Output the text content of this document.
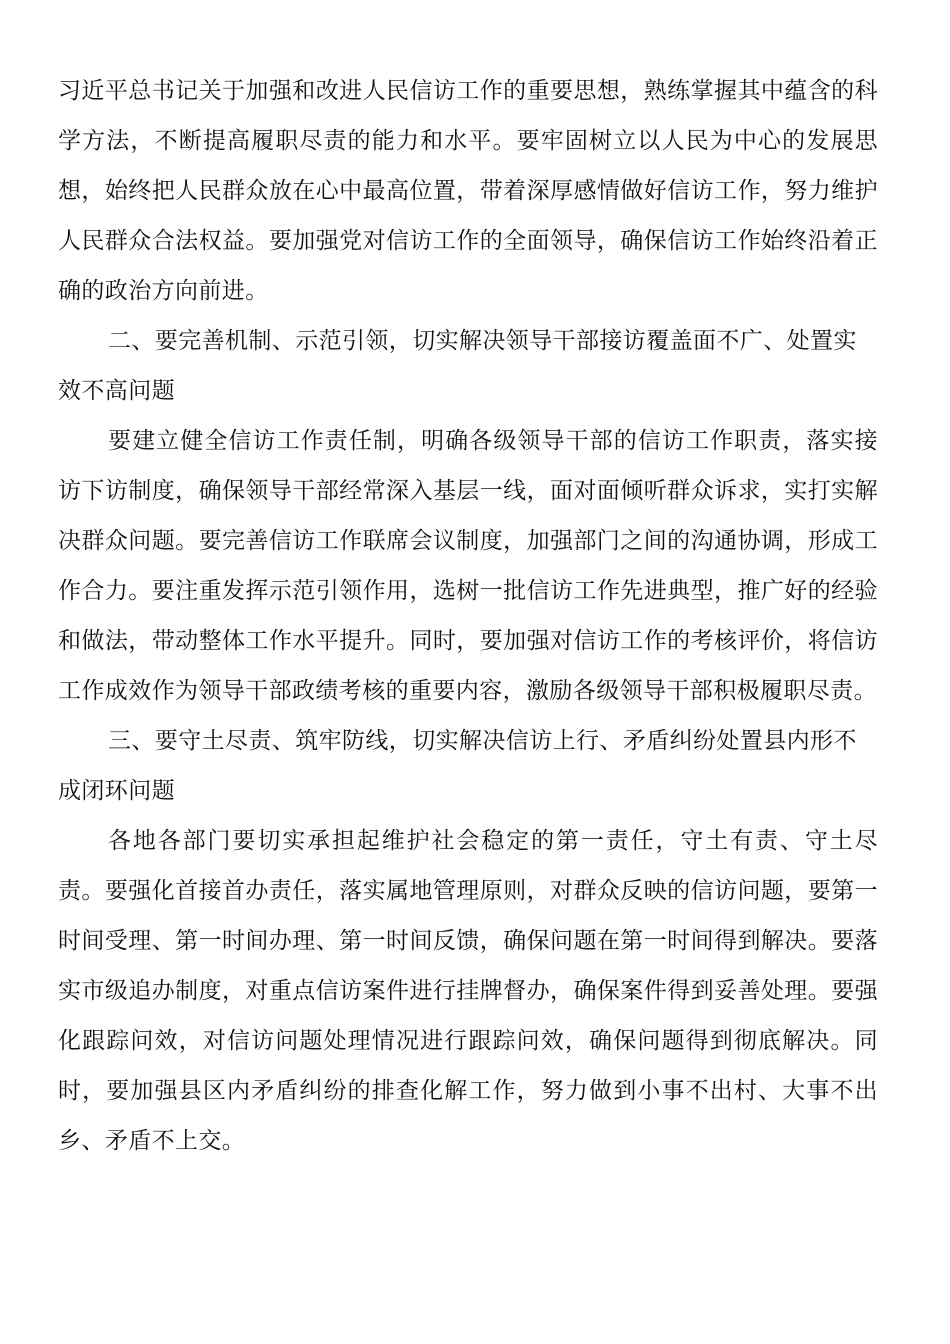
习近平总书记关于加强和改进人民信访工作的重要思想，熟练掌握其中蕴含的科学方法，不断提高履职尽责的能力和水平。要牢固树立以人民为中心的发展思想，始终把人民群众放在心中最高位置，带着深厚感情做好信访工作，努力维护人民群众合法权益。要加强党对信访工作的全面领导，确保信访工作始终沿着正确的政治方向前进。

二、要完善机制、示范引领，切实解决领导干部接访覆盖面不广、处置实效不高问题

要建立健全信访工作责任制，明确各级领导干部的信访工作职责，落实接访下访制度，确保领导干部经常深入基层一线，面对面倾听群众诉求，实打实解决群众问题。要完善信访工作联席会议制度，加强部门之间的沟通协调，形成工作合力。要注重发挥示范引领作用，选树一批信访工作先进典型，推广好的经验和做法，带动整体工作水平提升。同时，要加强对信访工作的考核评价，将信访工作成效作为领导干部政绩考核的重要内容，激励各级领导干部积极履职尽责。

三、要守土尽责、筑牢防线，切实解决信访上行、矛盾纠纷处置县内形不成闭环问题

各地各部门要切实承担起维护社会稳定的第一责任，守土有责、守土尽责。要强化首接首办责任，落实属地管理原则，对群众反映的信访问题，要第一时间受理、第一时间办理、第一时间反馈，确保问题在第一时间得到解决。要落实市级追办制度，对重点信访案件进行挂牌督办，确保案件得到妥善处理。要强化跟踪问效，对信访问题处理情况进行跟踪问效，确保问题得到彻底解决。同时，要加强县区内矛盾纠纷的排查化解工作，努力做到小事不出村、大事不出乡、矛盾不上交。
